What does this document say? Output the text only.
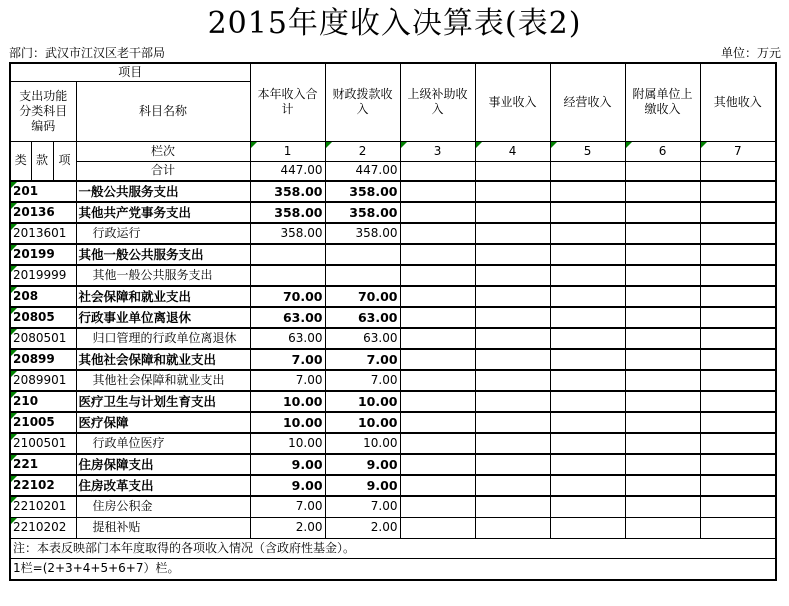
2015年度收入决算表(表2)
部门：武汉市江汉区老干部局	单位：万元
项目				本年收入合计	财政拨款收入	上级补助收入	事业收入	经营收入	附属单位上缴收入	其他收入
支出功能分类科目编码			科目名称							
类	款	项	栏次	1	2	3	4	5	6	7
			合计	447.00	447.00					
201			一般公共服务支出	358.00	358.00					
20136			其他共产党事务支出	358.00	358.00					
2013601			行政运行	358.00	358.00					
20199			其他一般公共服务支出							
2019999			其他一般公共服务支出							
208			社会保障和就业支出	70.00	70.00					
20805			行政事业单位离退休	63.00	63.00					
2080501			归口管理的行政单位离退休	63.00	63.00					
20899			其他社会保障和就业支出	7.00	7.00					
2089901			其他社会保障和就业支出	7.00	7.00					
210			医疗卫生与计划生育支出	10.00	10.00					
21005			医疗保障	10.00	10.00					
2100501			行政单位医疗	10.00	10.00					
221			住房保障支出	9.00	9.00					
22102			住房改革支出	9.00	9.00					
2210201			住房公积金	7.00	7.00					
2210202			提租补贴	2.00	2.00					
注：本表反映部门本年度取得的各项收入情况（含政府性基金）。										
1栏=(2+3+4+5+6+7）栏。										
